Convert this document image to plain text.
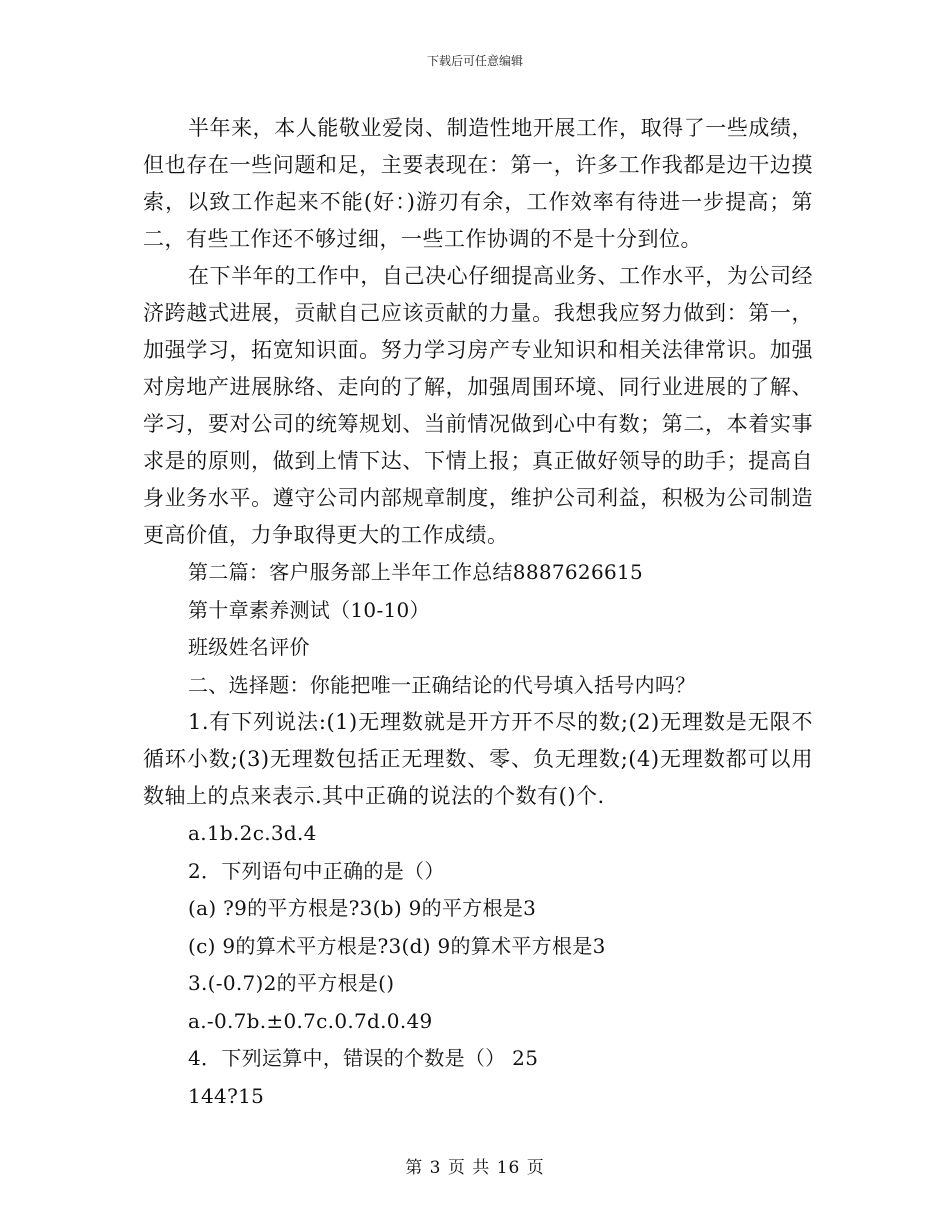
下载后可任意编辑

半年来，本人能敬业爱岗、制造性地开展工作，取得了一些成绩，但也存在一些问题和足，主要表现在：第一，许多工作我都是边干边摸索，以致工作起来不能(好：)游刃有余，工作效率有待进一步提高；第二，有些工作还不够过细，一些工作协调的不是十分到位。

在下半年的工作中，自己决心仔细提高业务、工作水平，为公司经济跨越式进展，贡献自己应该贡献的力量。我想我应努力做到：第一，加强学习，拓宽知识面。努力学习房产专业知识和相关法律常识。加强对房地产进展脉络、走向的了解，加强周围环境、同行业进展的了解、学习，要对公司的统筹规划、当前情况做到心中有数；第二，本着实事求是的原则，做到上情下达、下情上报；真正做好领导的助手；提高自身业务水平。遵守公司内部规章制度，维护公司利益，积极为公司制造更高价值，力争取得更大的工作成绩。

第二篇：客户服务部上半年工作总结8887626615

第十章素养测试（10-10）

班级姓名评价

二、选择题：你能把唯一正确结论的代号填入括号内吗？

1.有下列说法:(1)无理数就是开方开不尽的数;(2)无理数是无限不循环小数;(3)无理数包括正无理数、零、负无理数;(4)无理数都可以用数轴上的点来表示.其中正确的说法的个数有()个.

a.1b.2c.3d.4

2．下列语句中正确的是（）

(a) ?9的平方根是?3(b) 9的平方根是3

(c) 9的算术平方根是?3(d) 9的算术平方根是3

3.(-0.7)2的平方根是()

a.-0.7b.±0.7c.0.7d.0.49

4．下列运算中，错误的个数是（） 25

144?15

第 3 页 共 16 页
